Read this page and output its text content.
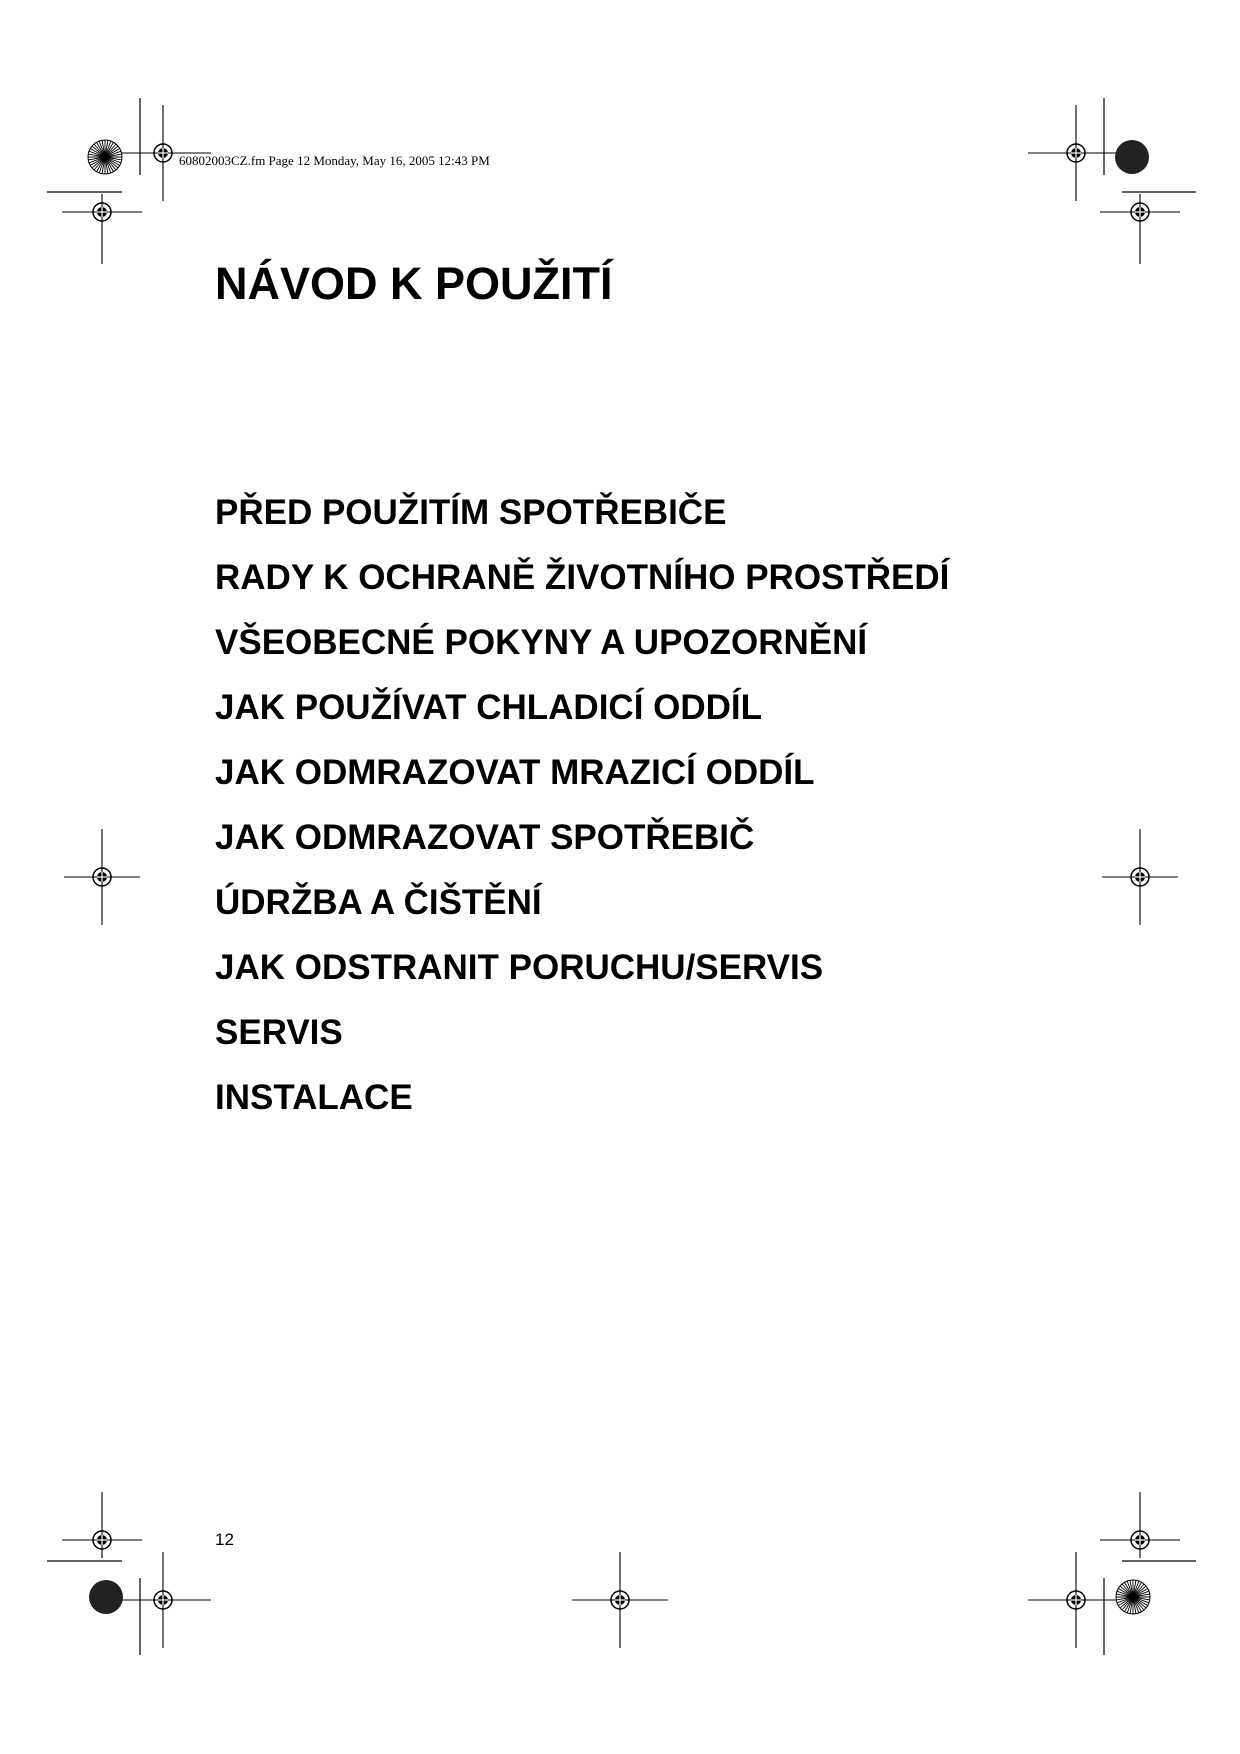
60802003CZ.fm Page 12 Monday, May 16, 2005 12:43 PM
NÁVOD K POUŽITÍ
PŘED POUŽITÍM SPOTŘEBIČE
RADY K OCHRANĚ ŽIVOTNÍHO PROSTŘEDÍ
VŠEOBECNÉ POKYNY A UPOZORNĚNÍ
JAK POUŽÍVAT CHLADICÍ ODDÍL
JAK ODMRAZOVAT MRAZICÍ ODDÍL
JAK ODMRAZOVAT SPOTŘEBIČ
ÚDRŽBA A ČIŠTĚNÍ
JAK ODSTRANIT PORUCHU/SERVIS
SERVIS
INSTALACE
12
